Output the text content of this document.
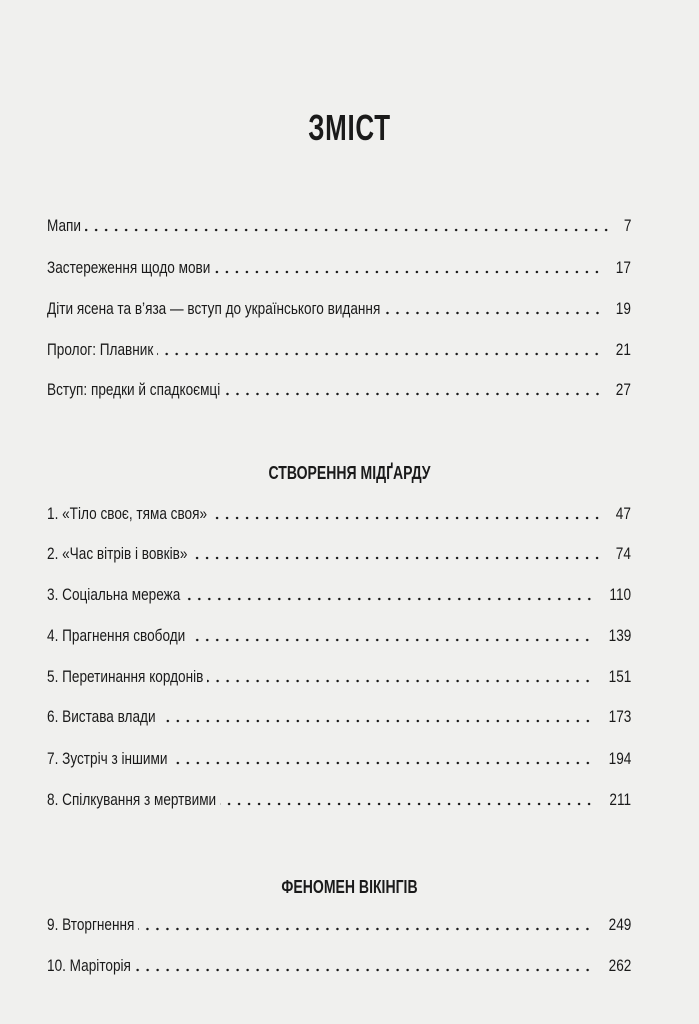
ЗМІСТ
Мапи	7
Застереження щодо мови	17
Діти ясена та в’яза — вступ до українського видання	19
Пролог: Плавник	21
Вступ: предки й спадкоємці	27
СТВОРЕННЯ МІДҐАРДУ
1. «Тіло своє, тяма своя»	47
2. «Час вітрів і вовків»	74
3. Соціальна мережа	110
4. Прагнення свободи	139
5. Перетинання кордонів	151
6. Вистава влади	173
7. Зустріч з іншими	194
8. Спілкування з мертвими	211
ФЕНОМЕН ВІКІНГІВ
9. Вторгнення	249
10. Маріторія	262
